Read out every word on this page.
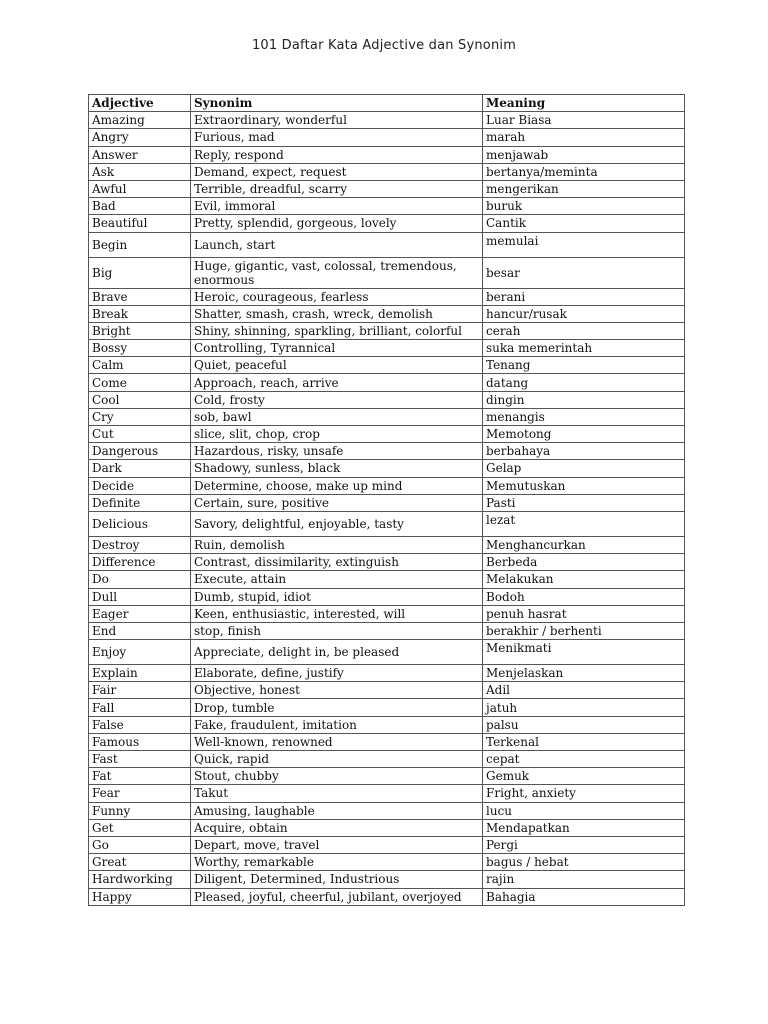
101 Daftar Kata Adjective dan Synonim
Adjective	Synonim	Meaning
Amazing	Extraordinary, wonderful	Luar Biasa
Angry	Furious, mad	marah
Answer	Reply, respond	menjawab
Ask	Demand, expect, request	bertanya/meminta
Awful	Terrible, dreadful, scarry	mengerikan
Bad	Evil, immoral	buruk
Beautiful	Pretty, splendid, gorgeous, lovely	Cantik
Begin	Launch, start	memulai
Big	Huge, gigantic, vast, colossal, tremendous, enormous	besar
Brave	Heroic, courageous, fearless	berani
Break	Shatter, smash, crash, wreck, demolish	hancur/rusak
Bright	Shiny, shinning, sparkling, brilliant, colorful	cerah
Bossy	Controlling, Tyrannical	suka memerintah
Calm	Quiet, peaceful	Tenang
Come	Approach, reach, arrive	datang
Cool	Cold, frosty	dingin
Cry	sob, bawl	menangis
Cut	slice, slit, chop, crop	Memotong
Dangerous	Hazardous, risky, unsafe	berbahaya
Dark	Shadowy, sunless, black	Gelap
Decide	Determine, choose, make up mind	Memutuskan
Definite	Certain, sure, positive	Pasti
Delicious	Savory, delightful, enjoyable, tasty	lezat
Destroy	Ruin, demolish	Menghancurkan
Difference	Contrast, dissimilarity, extinguish	Berbeda
Do	Execute, attain	Melakukan
Dull	Dumb, stupid, idiot	Bodoh
Eager	Keen, enthusiastic, interested, will	penuh hasrat
End	stop, finish	berakhir / berhenti
Enjoy	Appreciate, delight in, be pleased	Menikmati
Explain	Elaborate, define, justify	Menjelaskan
Fair	Objective, honest	Adil
Fall	Drop, tumble	jatuh
False	Fake, fraudulent, imitation	palsu
Famous	Well-known, renowned	Terkenal
Fast	Quick, rapid	cepat
Fat	Stout, chubby	Gemuk
Fear	Takut	Fright, anxiety
Funny	Amusing, laughable	lucu
Get	Acquire, obtain	Mendapatkan
Go	Depart, move, travel	Pergi
Great	Worthy, remarkable	bagus / hebat
Hardworking	Diligent, Determined, Industrious	rajin
Happy	Pleased, joyful, cheerful, jubilant, overjoyed	Bahagia
